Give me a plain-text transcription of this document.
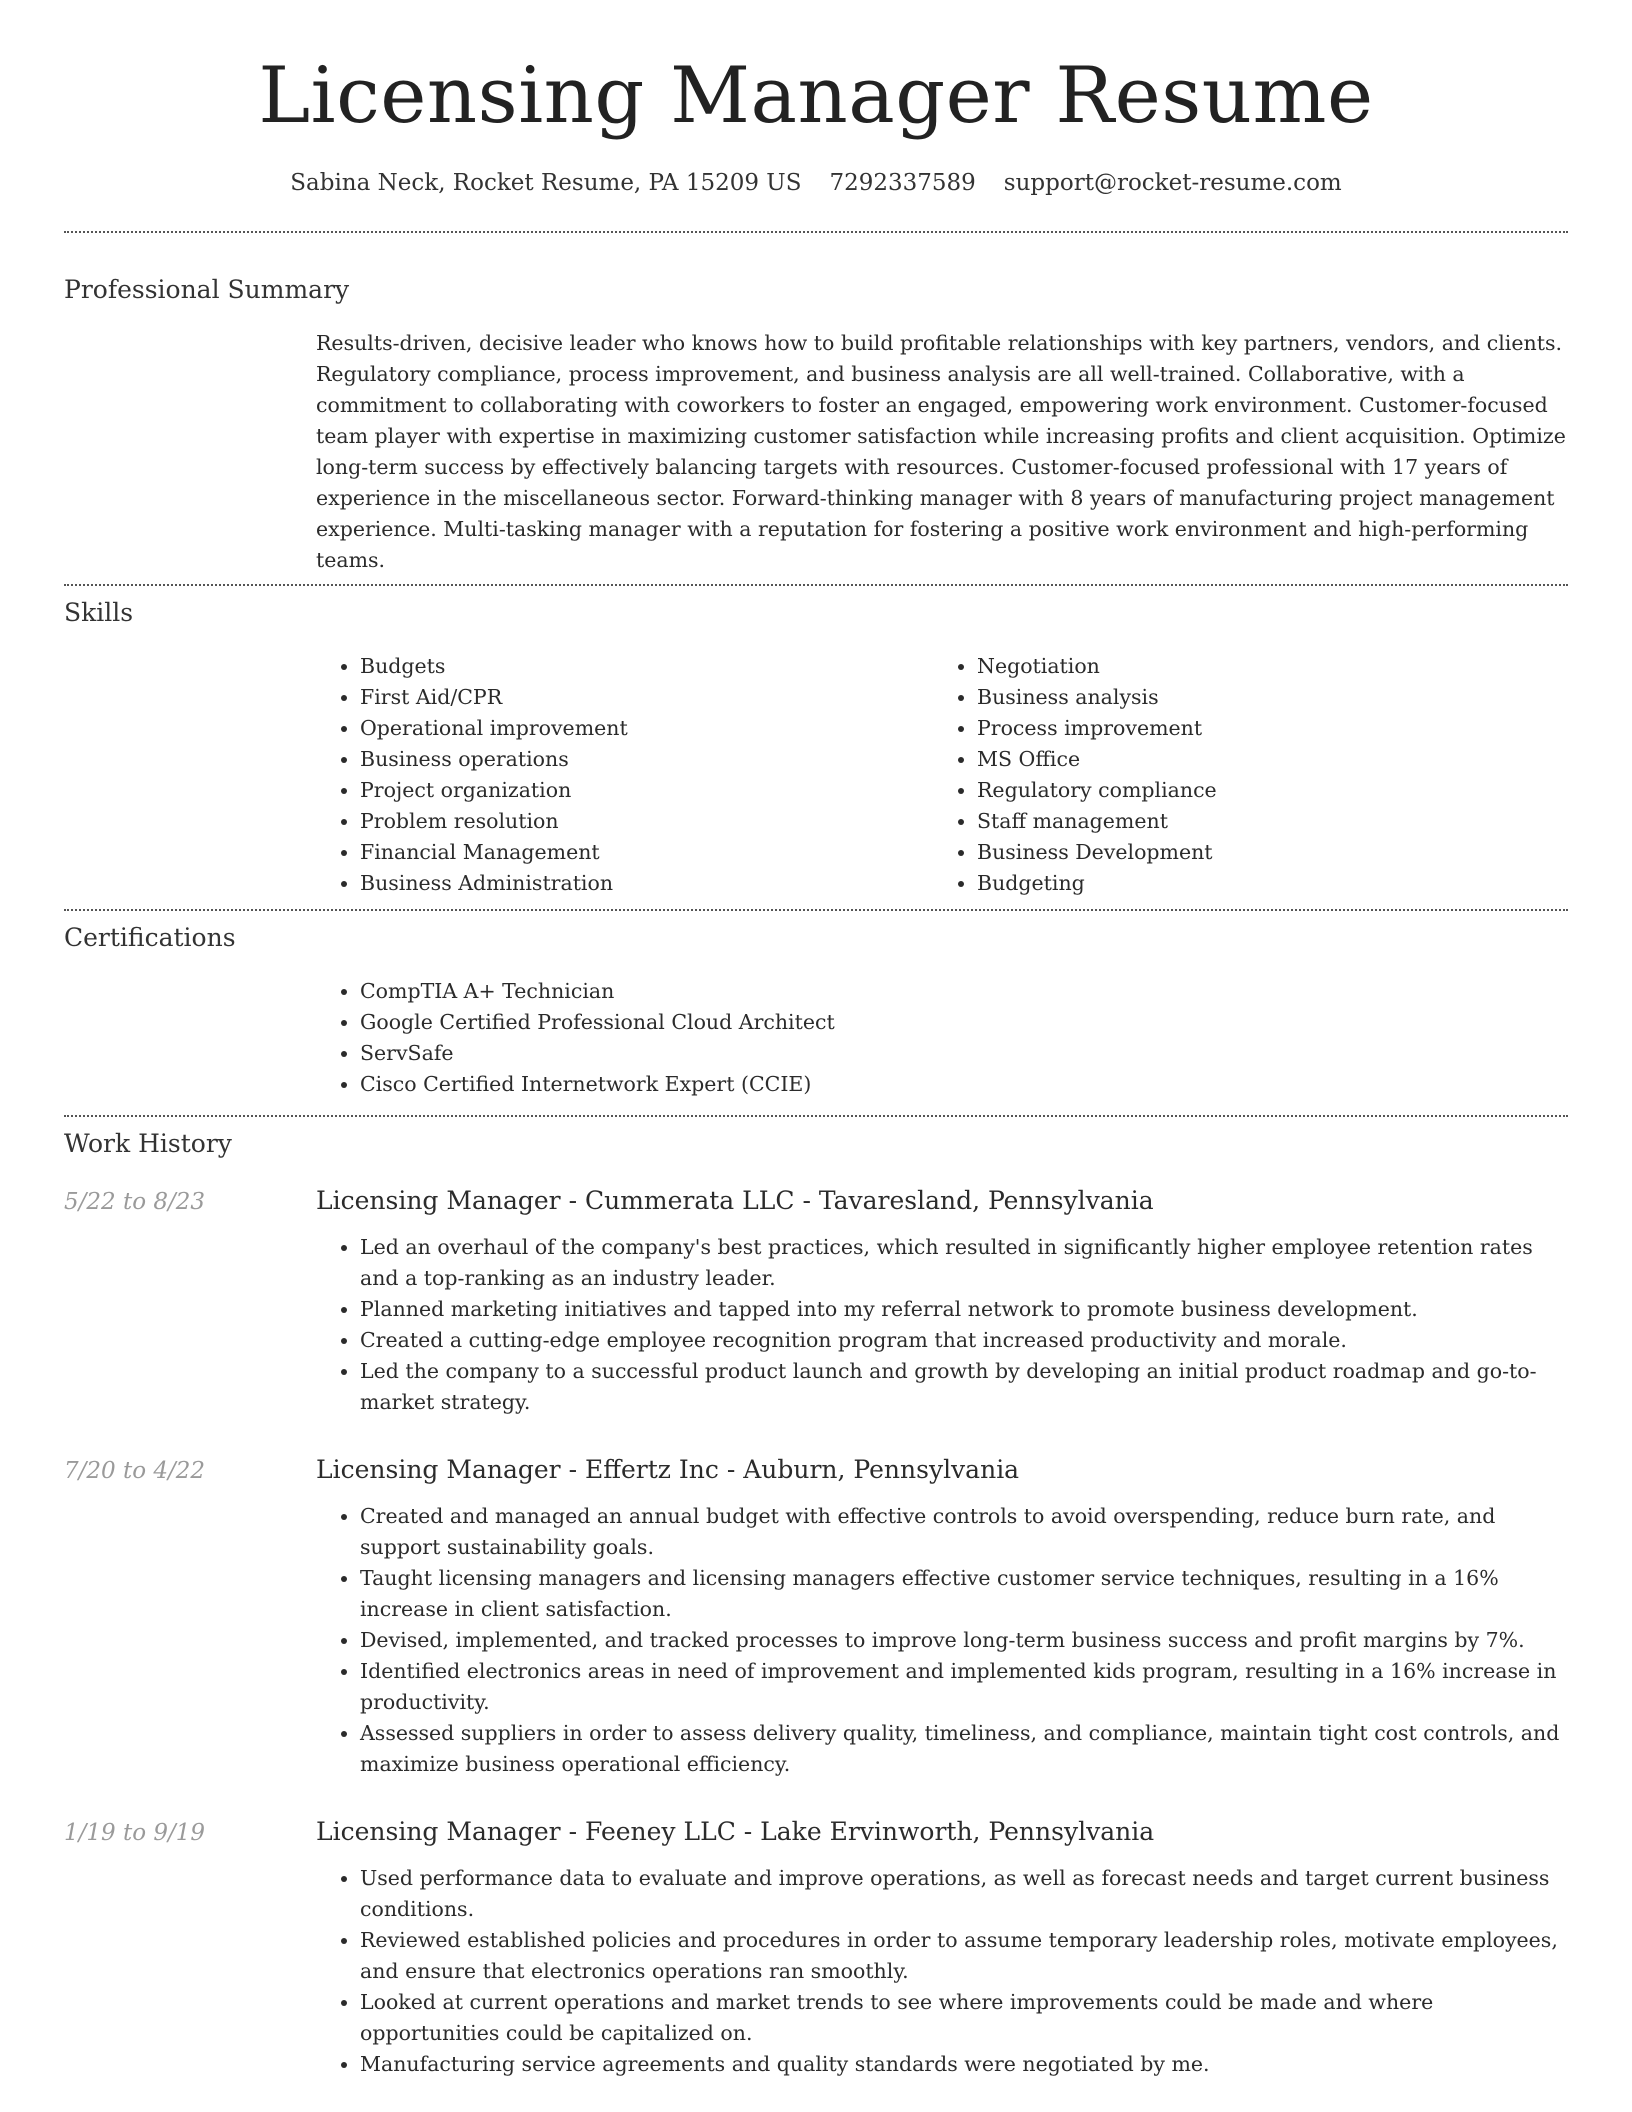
Licensing Manager Resume
Sabina Neck, Rocket Resume, PA 15209 US 7292337589 support@rocket-resume.com
Professional Summary

Results-driven, decisive leader who knows how to build profitable relationships with key partners, vendors, and clients. Regulatory compliance, process improvement, and business analysis are all well-trained. Collaborative, with a commitment to collaborating with coworkers to foster an engaged, empowering work environment. Customer-focused team player with expertise in maximizing customer satisfaction while increasing profits and client acquisition. Optimize long-term success by effectively balancing targets with resources. Customer-focused professional with 17 years of experience in the miscellaneous sector. Forward-thinking manager with 8 years of manufacturing project management experience. Multi-tasking manager with a reputation for fostering a positive work environment and high-performing teams.

Skills
• Budgets
• First Aid/CPR
• Operational improvement
• Business operations
• Project organization
• Problem resolution
• Financial Management
• Business Administration
• Negotiation
• Business analysis
• Process improvement
• MS Office
• Regulatory compliance
• Staff management
• Business Development
• Budgeting
Certifications
• CompTIA A+ Technician
• Google Certified Professional Cloud Architect
• ServSafe
• Cisco Certified Internetwork Expert (CCIE)
Work History
5/22 to 8/23	Licensing Manager - Cummerata LLC - Tavaresland, Pennsylvania
• Led an overhaul of the company's best practices, which resulted in significantly higher employee retention rates and a top-ranking as an industry leader.
• Planned marketing initiatives and tapped into my referral network to promote business development.
• Created a cutting-edge employee recognition program that increased productivity and morale.
• Led the company to a successful product launch and growth by developing an initial product roadmap and go-to-market strategy.
7/20 to 4/22	Licensing Manager - Effertz Inc - Auburn, Pennsylvania
• Created and managed an annual budget with effective controls to avoid overspending, reduce burn rate, and support sustainability goals.
• Taught licensing managers and licensing managers effective customer service techniques, resulting in a 16% increase in client satisfaction.
• Devised, implemented, and tracked processes to improve long-term business success and profit margins by 7%.
• Identified electronics areas in need of improvement and implemented kids program, resulting in a 16% increase in productivity.
• Assessed suppliers in order to assess delivery quality, timeliness, and compliance, maintain tight cost controls, and maximize business operational efficiency.
1/19 to 9/19	Licensing Manager - Feeney LLC - Lake Ervinworth, Pennsylvania
• Used performance data to evaluate and improve operations, as well as forecast needs and target current business conditions.
• Reviewed established policies and procedures in order to assume temporary leadership roles, motivate employees, and ensure that electronics operations ran smoothly.
• Looked at current operations and market trends to see where improvements could be made and where opportunities could be capitalized on.
• Manufacturing service agreements and quality standards were negotiated by me.
